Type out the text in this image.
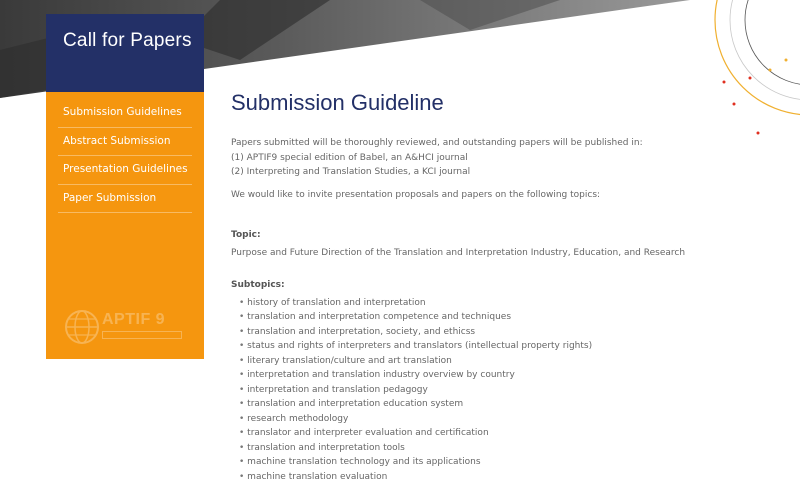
Call for Papers
Submission Guidelines
Abstract Submission
Presentation Guidelines
Paper Submission
APTIF 9
Submission Guideline

Papers submitted will be thoroughly reviewed, and outstanding papers will be published in:

(1) APTIF9 special edition of Babel, an A&HCI journal

(2) Interpreting and Translation Studies, a KCI journal

We would like to invite presentation proposals and papers on the following topics:
Topic:
Purpose and Future Direction of the Translation and Interpretation Industry, Education, and Research
Subtopics:
• history of translation and interpretation
• translation and interpretation competence and techniques
• translation and interpretation, society, and ethicss
• status and rights of interpreters and translators (intellectual property rights)
• literary translation/culture and art translation
• interpretation and translation industry overview by country
• interpretation and translation pedagogy
• translation and interpretation education system
• research methodology
• translator and interpreter evaluation and certification
• translation and interpretation tools
• machine translation technology and its applications
• machine translation evaluation
